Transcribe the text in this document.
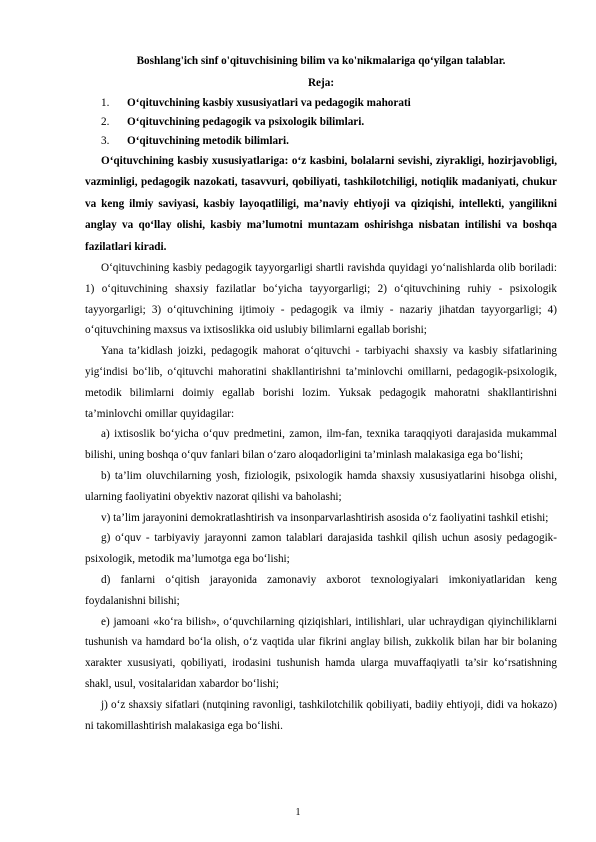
Boshlang'ich sinf o'qituvchisining bilim va ko'nikmalariga qo‘yilgan talablar.
Reja:
1.	O‘qituvchining kasbiy xususiyatlari va pedagogik mahorati
2.	O‘qituvchining pedagogik va psixologik bilimlari.
3.	O‘qituvchining metodik bilimlari.

O‘qituvchining kasbiy xususiyatlariga: o‘z kasbini, bolalarni sevishi, ziyrakligi, hozirjavobligi, vazminligi, pedagogik nazokati, tasavvuri, qobiliyati, tashkilotchiligi, notiqlik madaniyati, chukur va keng ilmiy saviyasi, kasbiy layoqatliligi, ma’naviy ehtiyoji va qiziqishi, intellekti, yangilikni anglay va qo‘llay olishi, kasbiy ma’lumotni muntazam oshirishga nisbatan intilishi va boshqa fazilatlari kiradi.

O‘qituvchining kasbiy pedagogik tayyorgarligi shartli ravishda quyidagi yo‘nalishlarda olib boriladi: 1) o‘qituvchining shaxsiy fazilatlar bo‘yicha tayyorgarligi; 2) o‘qituvchining ruhiy - psixologik tayyorgarligi; 3) o‘qituvchining ijtimoiy - pedagogik va ilmiy - nazariy jihatdan tayyorgarligi; 4) o‘qituvchining maxsus va ixtisoslikka oid uslubiy bilimlarni egallab borishi;

Yana ta’kidlash joizki, pedagogik mahorat o‘qituvchi - tarbiyachi shaxsiy va kasbiy sifatlarining yig‘indisi bo‘lib, o‘qituvchi mahoratini shakllantirishni ta’minlovchi omillarni, pedagogik-psixologik, metodik bilimlarni doimiy egallab borishi lozim. Yuksak pedagogik mahoratni shakllantirishni ta’minlovchi omillar quyidagilar:

a) ixtisoslik bo‘yicha o‘quv predmetini, zamon, ilm-fan, texnika taraqqiyoti darajasida mukammal bilishi, uning boshqa o‘quv fanlari bilan o‘zaro aloqadorligini ta’minlash malakasiga ega bo‘lishi;

b) ta’lim oluvchilarning yosh, fiziologik, psixologik hamda shaxsiy xususiyatlarini hisobga olishi, ularning faoliyatini obyektiv nazorat qilishi va baholashi;

v) ta’lim jarayonini demokratlashtirish va insonparvarlashtirish asosida o‘z faoliyatini tashkil etishi;

g) o‘quv - tarbiyaviy jarayonni zamon talablari darajasida tashkil qilish uchun asosiy pedagogik- psixologik, metodik ma’lumotga ega bo‘lishi;

d) fanlarni o‘qitish jarayonida zamonaviy axborot texnologiyalari imkoniyatlaridan keng foydalanishni bilishi;

e) jamoani «ko‘ra bilish», o‘quvchilarning qiziqishlari, intilishlari, ular uchraydigan qiyinchiliklarni tushunish va hamdard bo‘la olish, o‘z vaqtida ular fikrini anglay bilish, zukkolik bilan har bir bolaning xarakter xususiyati, qobiliyati, irodasini tushunish hamda ularga muvaffaqiyatli ta’sir ko‘rsatishning shakl, usul, vositalaridan xabardor bo‘lishi;

j) o‘z shaxsiy sifatlari (nutqining ravonligi, tashkilotchilik qobiliyati, badiiy ehtiyoji, didi va hokazo) ni takomillashtirish malakasiga ega bo‘lishi.

1
